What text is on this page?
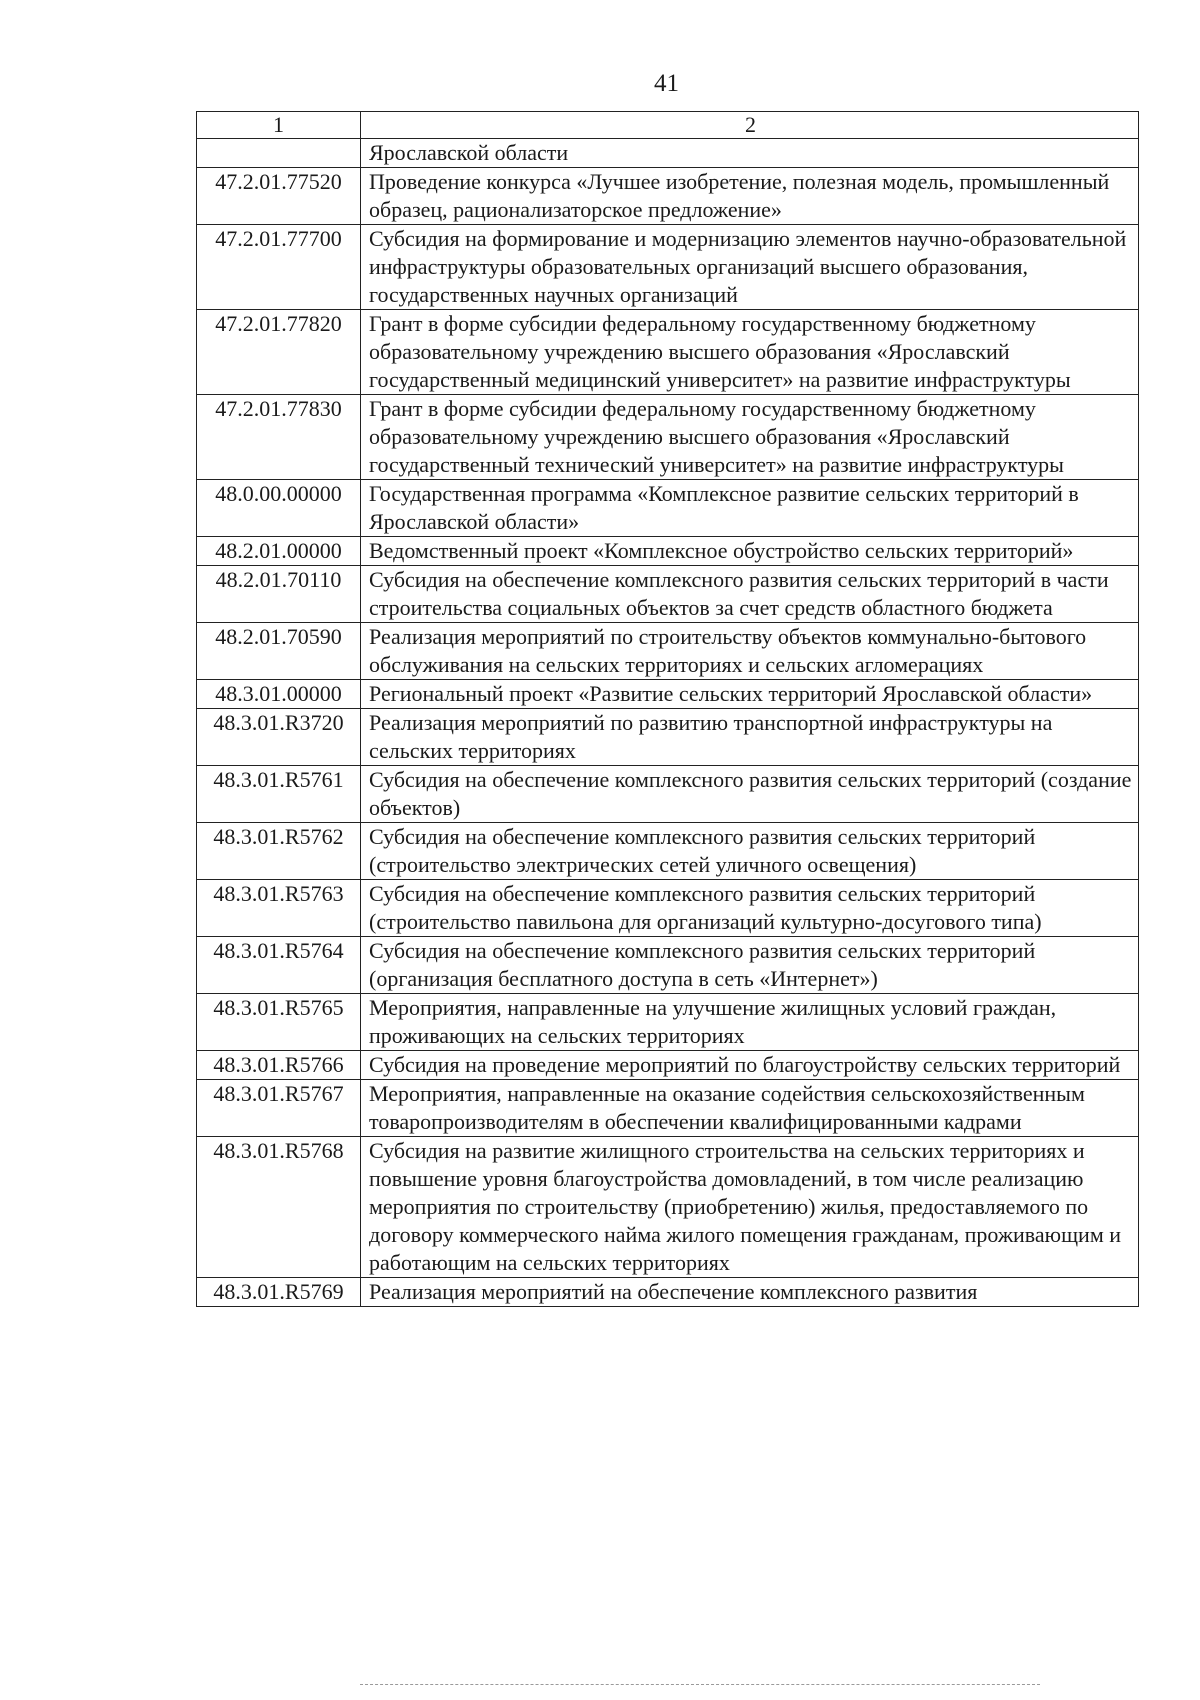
41
1	2
	Ярославской области
47.2.01.77520	Проведение конкурса «Лучшее изобретение, полезная модель, промышленный образец, рационализаторское предложение»
47.2.01.77700	Субсидия на формирование и модернизацию элементов научно-образовательной инфраструктуры образовательных организаций высшего образования, государственных научных организаций
47.2.01.77820	Грант в форме субсидии федеральному государственному бюджетному образовательному учреждению высшего образования «Ярославский государственный медицинский университет» на развитие инфраструктуры
47.2.01.77830	Грант в форме субсидии федеральному государственному бюджетному образовательному учреждению высшего образования «Ярославский государственный технический университет» на развитие инфраструктуры
48.0.00.00000	Государственная программа «Комплексное развитие сельских территорий в Ярославской области»
48.2.01.00000	Ведомственный проект «Комплексное обустройство сельских территорий»
48.2.01.70110	Субсидия на обеспечение комплексного развития сельских территорий в части строительства социальных объектов за счет средств областного бюджета
48.2.01.70590	Реализация мероприятий по строительству объектов коммунально-бытового обслуживания на сельских территориях и сельских агломерациях
48.3.01.00000	Региональный проект «Развитие сельских территорий Ярославской области»
48.3.01.R3720	Реализация мероприятий по развитию транспортной инфраструктуры на сельских территориях
48.3.01.R5761	Субсидия на обеспечение комплексного развития сельских территорий (создание объектов)
48.3.01.R5762	Субсидия на обеспечение комплексного развития сельских территорий (строительство электрических сетей уличного освещения)
48.3.01.R5763	Субсидия на обеспечение комплексного развития сельских территорий (строительство павильона для организаций культурно-досугового типа)
48.3.01.R5764	Субсидия на обеспечение комплексного развития сельских территорий (организация бесплатного доступа в сеть «Интернет»)
48.3.01.R5765	Мероприятия, направленные на улучшение жилищных условий граждан, проживающих на сельских территориях
48.3.01.R5766	Субсидия на проведение мероприятий по благоустройству сельских территорий
48.3.01.R5767	Мероприятия, направленные на оказание содействия сельскохозяйственным товаропроизводителям в обеспечении квалифицированными кадрами
48.3.01.R5768	Субсидия на развитие жилищного строительства на сельских территориях и повышение уровня благоустройства домовладений, в том числе реализацию мероприятия по строительству (приобретению) жилья, предоставляемого по договору коммерческого найма жилого помещения гражданам, проживающим и работающим на сельских территориях
48.3.01.R5769	Реализация мероприятий на обеспечение комплексного развития
